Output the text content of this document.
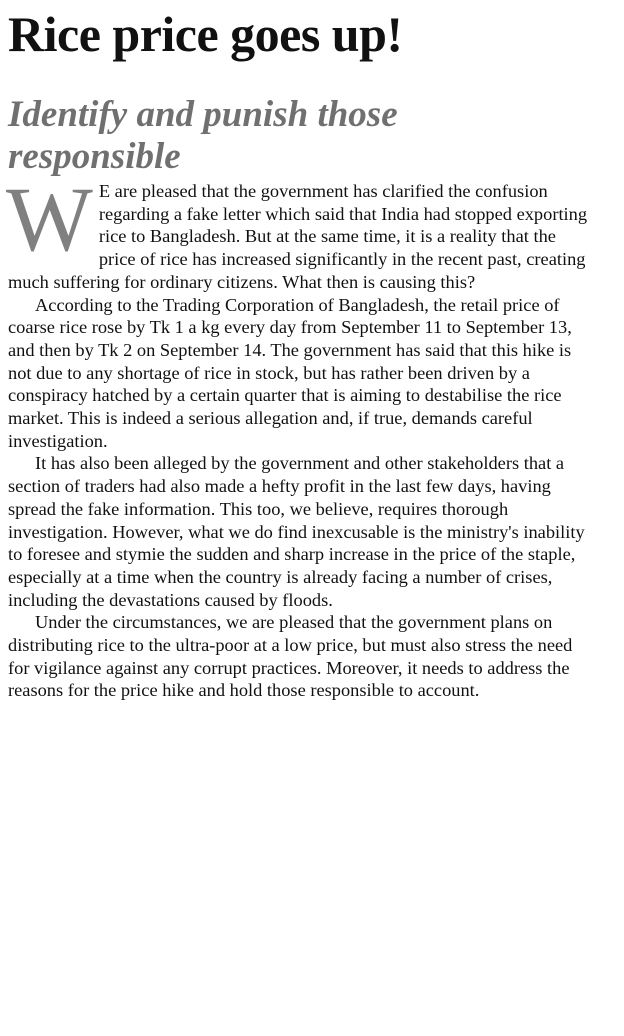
Rice price goes up!
Identify and punish those responsible

W E are pleased that the government has clarified the confusion regarding a fake letter which said that India had stopped exporting rice to Bangladesh. But at the same time, it is a reality that the price of rice has increased significantly in the recent past, creating much suffering for ordinary citizens. What then is causing this?

According to the Trading Corporation of Bangladesh, the retail price of coarse rice rose by Tk 1 a kg every day from September 11 to September 13, and then by Tk 2 on September 14. The government has said that this hike is not due to any shortage of rice in stock, but has rather been driven by a conspiracy hatched by a certain quarter that is aiming to destabilise the rice market. This is indeed a serious allegation and, if true, demands careful investigation.

It has also been alleged by the government and other stakeholders that a section of traders had also made a hefty profit in the last few days, having spread the fake information. This too, we believe, requires thorough investigation. However, what we do find inexcusable is the ministry's inability to foresee and stymie the sudden and sharp increase in the price of the staple, especially at a time when the country is already facing a number of crises, including the devastations caused by floods.

Under the circumstances, we are pleased that the government plans on distributing rice to the ultra-poor at a low price, but must also stress the need for vigilance against any corrupt practices. Moreover, it needs to address the reasons for the price hike and hold those responsible to account.
